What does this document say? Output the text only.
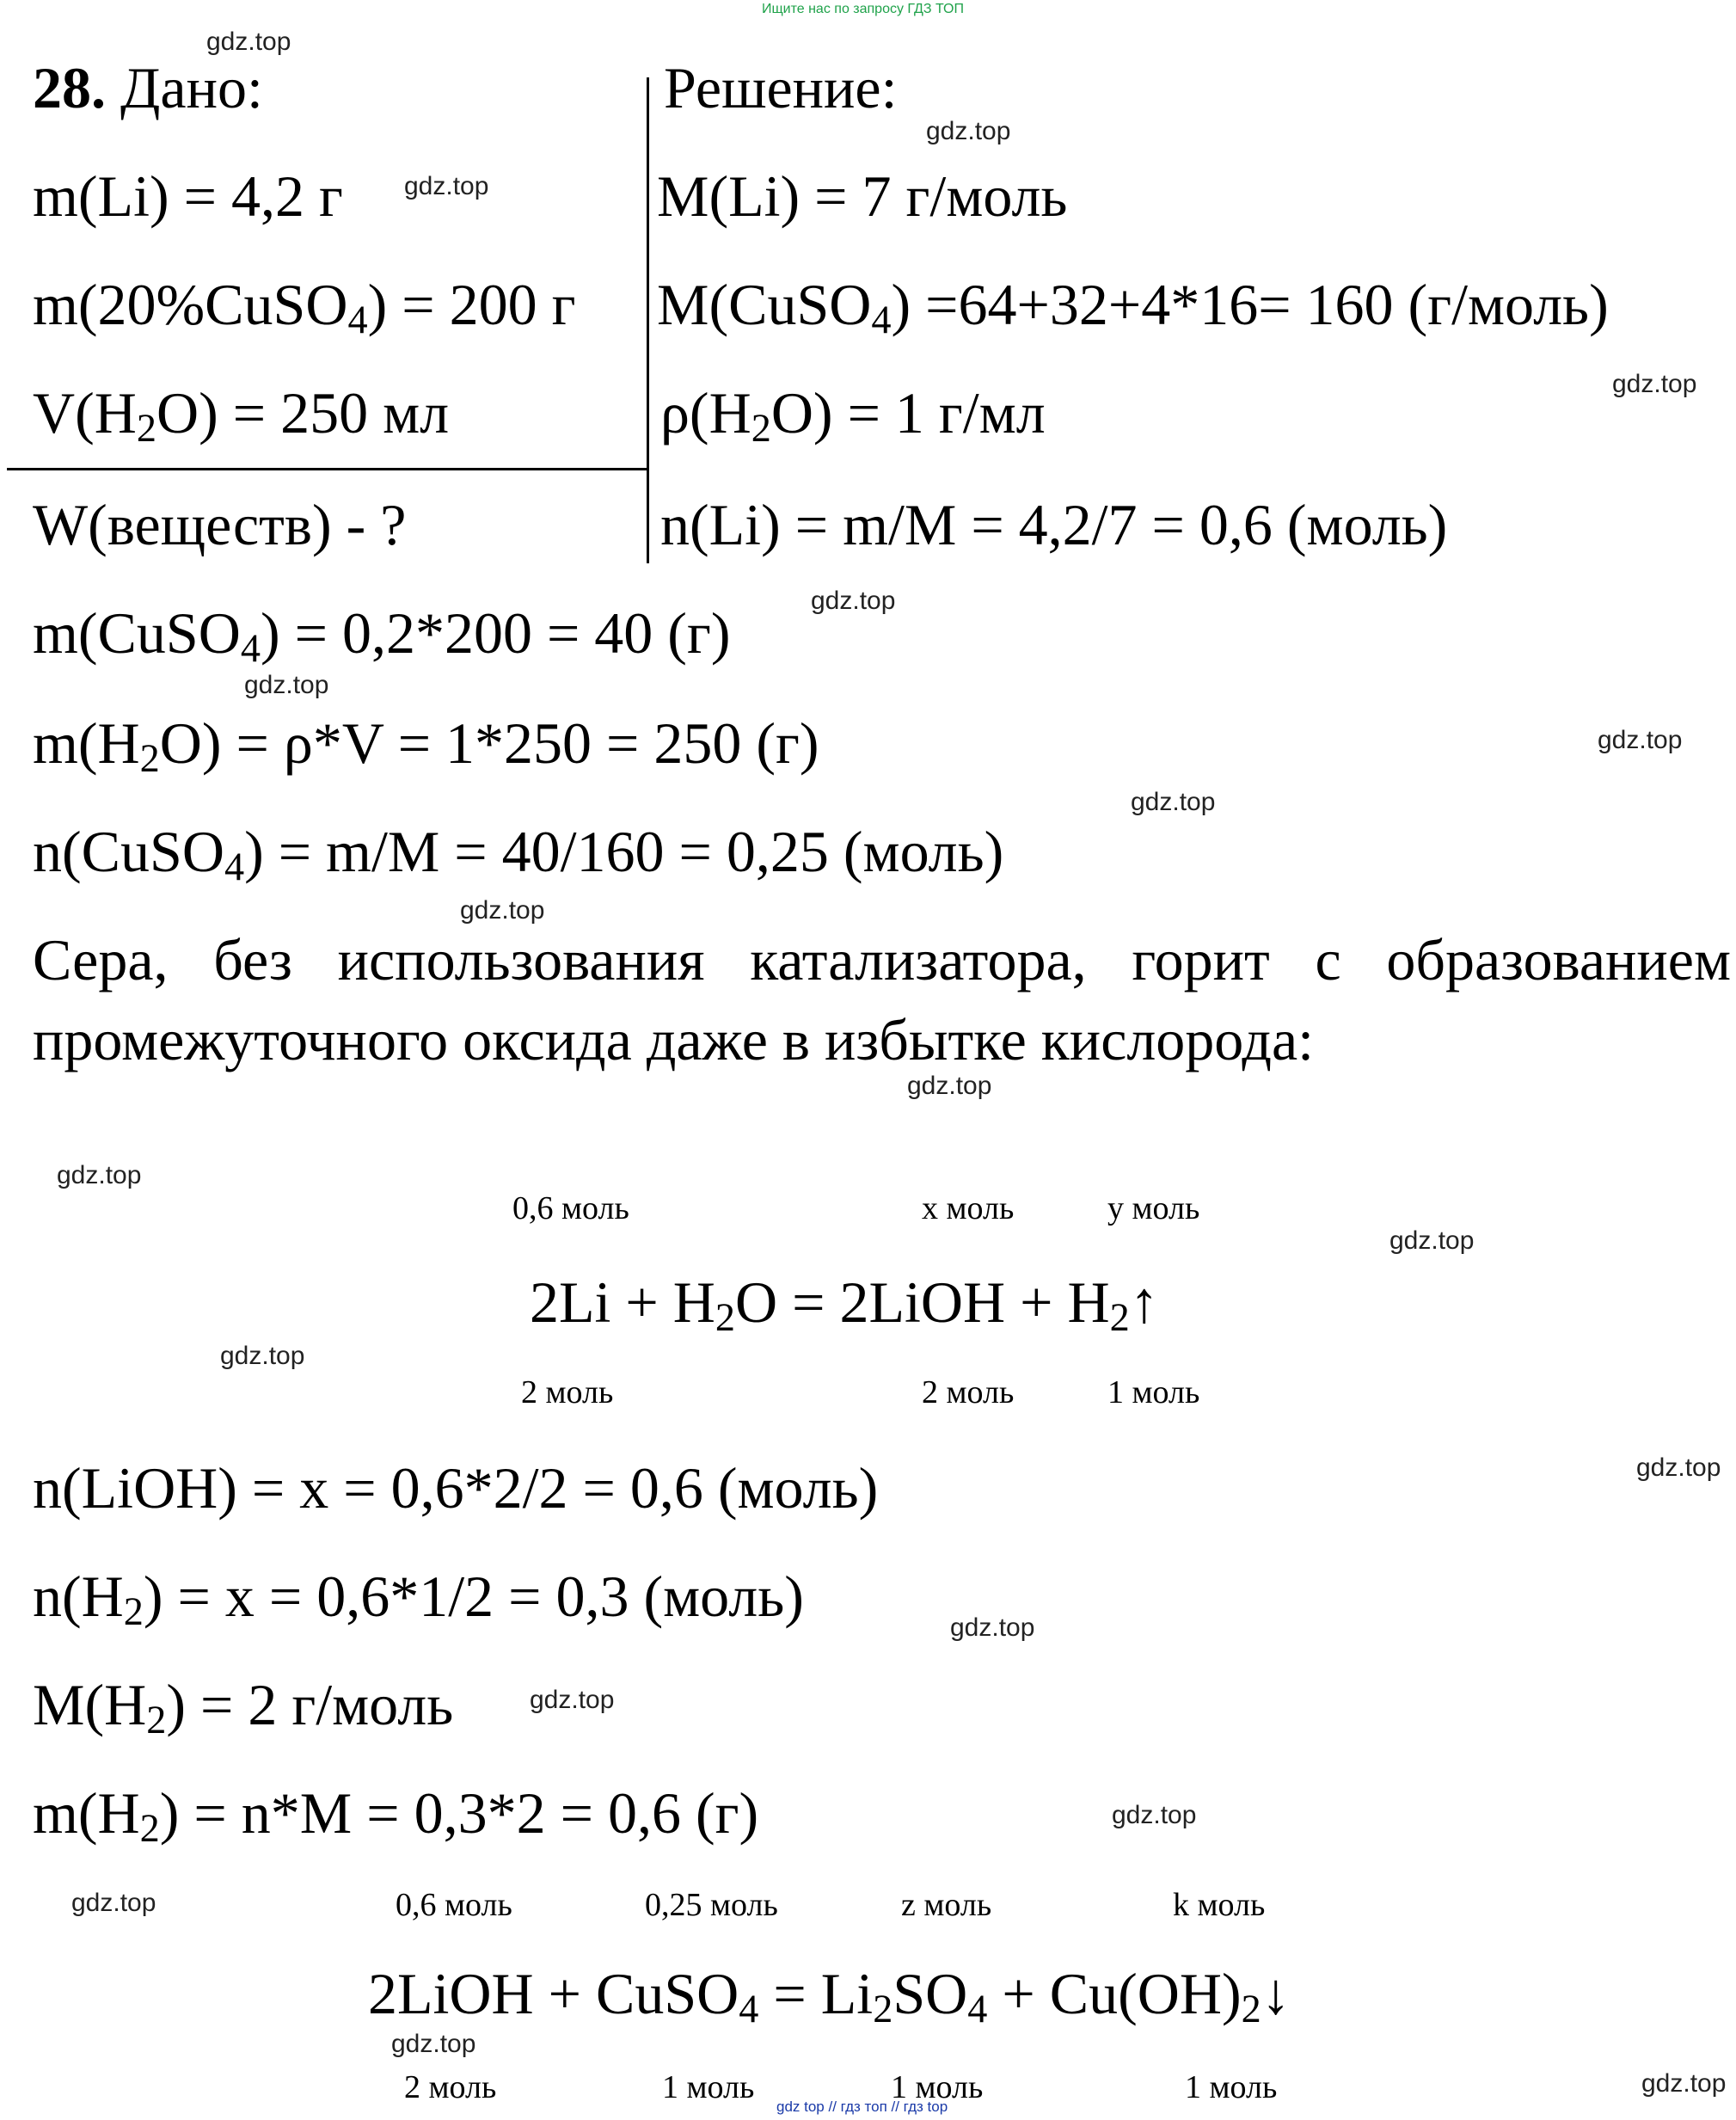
Ищите нас по запросу ГДЗ ТОП
gdz top // гдз топ // гдз top
28. Дано:	Решение:
m(Li) = 4,2 г
m(20%CuSO$_4$) = 200 г
$V(H_2O) = 250$ мл
W(веществ) - ?
M(Li) = 7 г/моль
M(CuSO$_4$) =64+32+4*16= 160 (г/моль)
$\rho(H_2O) = 1$ г/мл
n(Li) = m/M = 4,2/7 = 0,6 (моль)
m(CuSO$_4$) = 0,2*200 = 40 (г)
$m(H_2O) = \rho*V = 1*250 = 250$ (г)
n(CuSO$_4$) = m/M = 40/160 = 0,25 (моль)
Сера, без использования катализатора, горит с образованием промежуточного оксида даже в избытке кислорода:
0,6 моль	х моль	у моль
$2Li + H_2O$ = 2LiOH + $H_2↑$
2 моль	2 моль	1 моль
n(LiOH) = x = 0,6*2/2 = 0,6 (моль)
$n(H_2) = x = 0,6*1/2 = 0,3$ (моль)
$M(H_2) = 2$ г/моль
$m(H_2) = n*M = 0,3*2 = 0,6$ (г)
0,6 моль	0,25 моль	z моль	k моль
2LiOH + CuSO$_4$ = $Li_2SO_4$ + $Cu(OH)_2↓$
2 моль	1 моль	1 моль	1 моль
gdz.top
gdz.top
gdz.top
gdz.top
gdz.top
gdz.top
gdz.top
gdz.top
gdz.top
gdz.top
gdz.top
gdz.top
gdz.top
gdz.top
gdz.top
gdz.top
gdz.top
gdz.top
gdz.top
gdz.top
